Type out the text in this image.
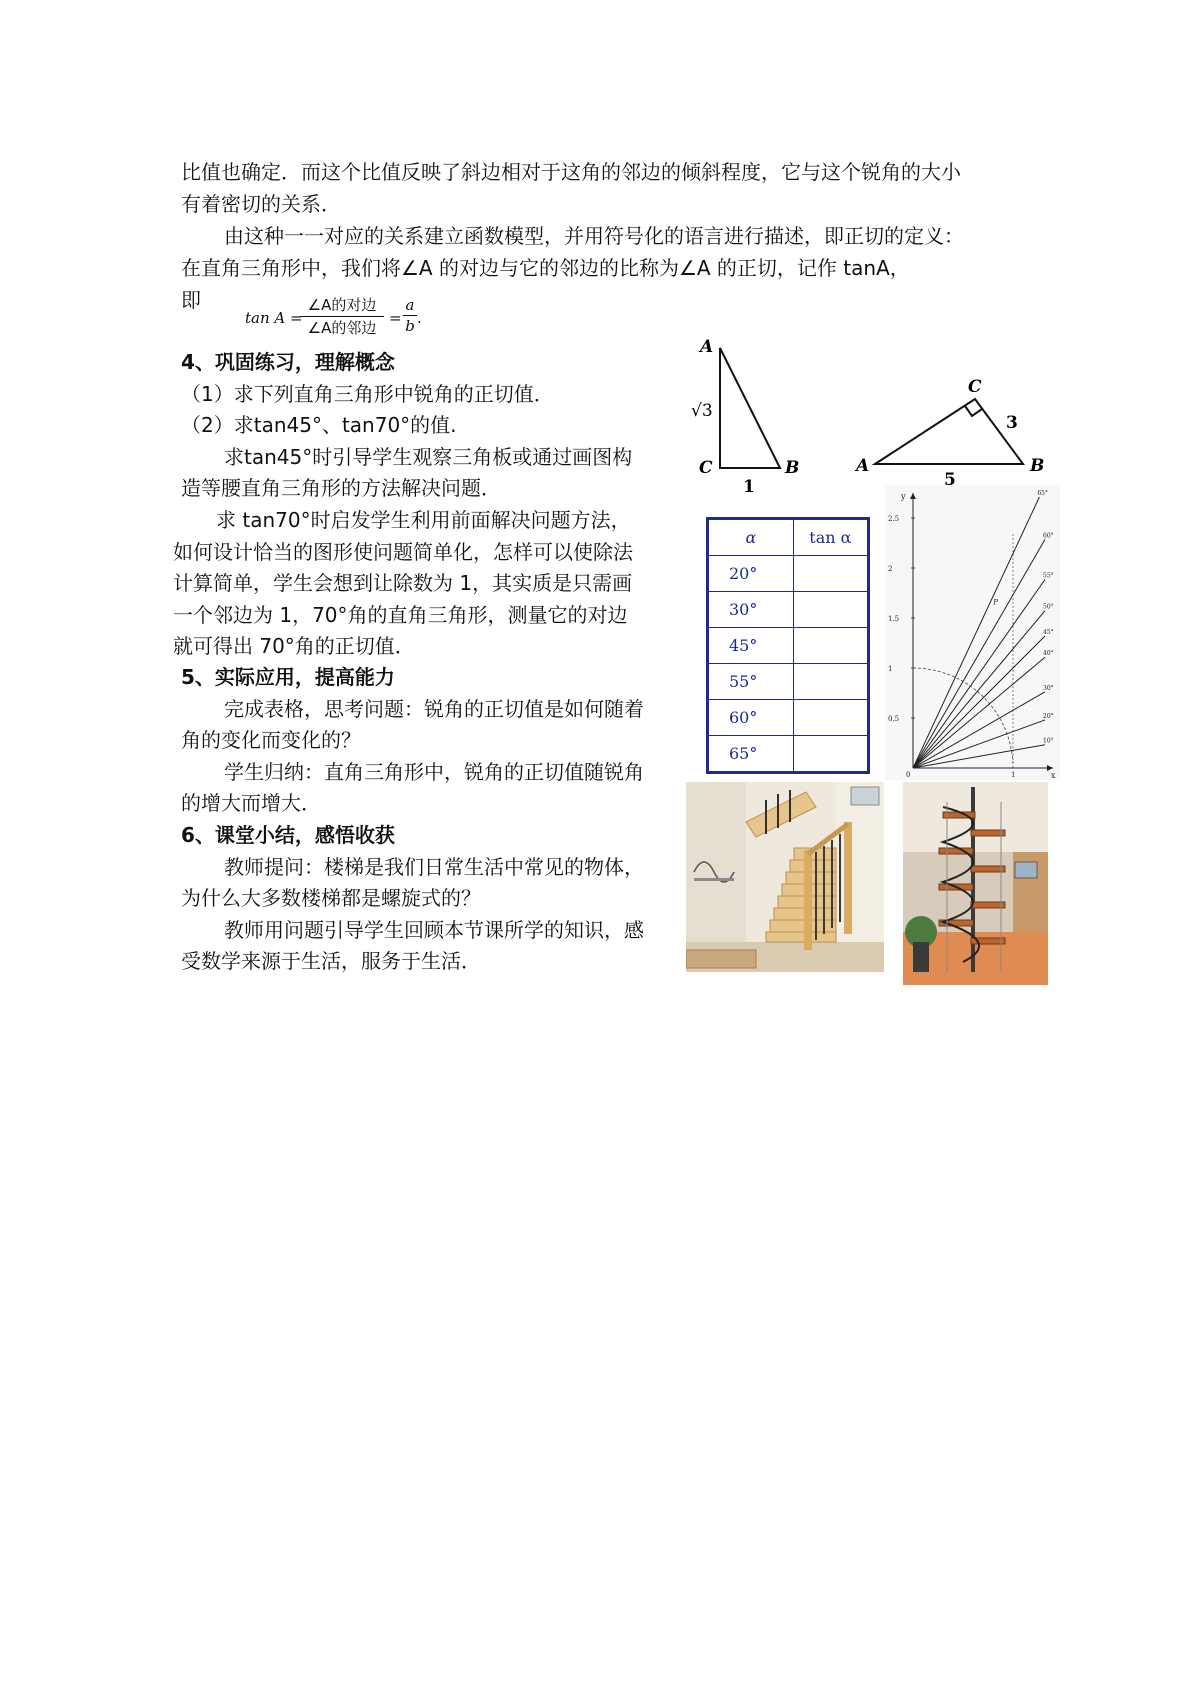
比值也确定．而这个比值反映了斜边相对于这角的邻边的倾斜程度，它与这个锐角的大小
有着密切的关系．
由这种一一对应的关系建立函数模型，并用符号化的语言进行描述，即正切的定义：
在直角三角形中，我们将∠A 的对边与它的邻边的比称为∠A 的正切，记作 tanA，
即
tan A =
∠A的对边
∠A的邻边
=
a
b .
4、巩固练习，理解概念
（1）求下列直角三角形中锐角的正切值．
（2）求tan45°、tan70°的值.
求tan45°时引导学生观察三角板或通过画图构
造等腰直角三角形的方法解决问题．
求 tan70°时启发学生利用前面解决问题方法，
如何设计恰当的图形使问题简单化，怎样可以使除法
计算简单，学生会想到让除数为 1，其实质是只需画
一个邻边为 1，70°角的直角三角形，测量它的对边
就可得出 70°角的正切值．
5、实际应用，提高能力
完成表格，思考问题：锐角的正切值是如何随着
角的变化而变化的？
学生归纳：直角三角形中，锐角的正切值随锐角
的增大而增大．
6、课堂小结，感悟收获
教师提问：楼梯是我们日常生活中常见的物体，
为什么大多数楼梯都是螺旋式的？
教师用问题引导学生回顾本节课所学的知识，感
受数学来源于生活，服务于生活．
A
C	B
√3
1
A
C
B
3
5
α	tan α
20°	
30°	
45°	
55°	
60°	
65°	
y
x
2.5
2
1.5
1
0.5
0	1
65°
60°
55°
50°
45°
40°
30°
20°
10°
P
